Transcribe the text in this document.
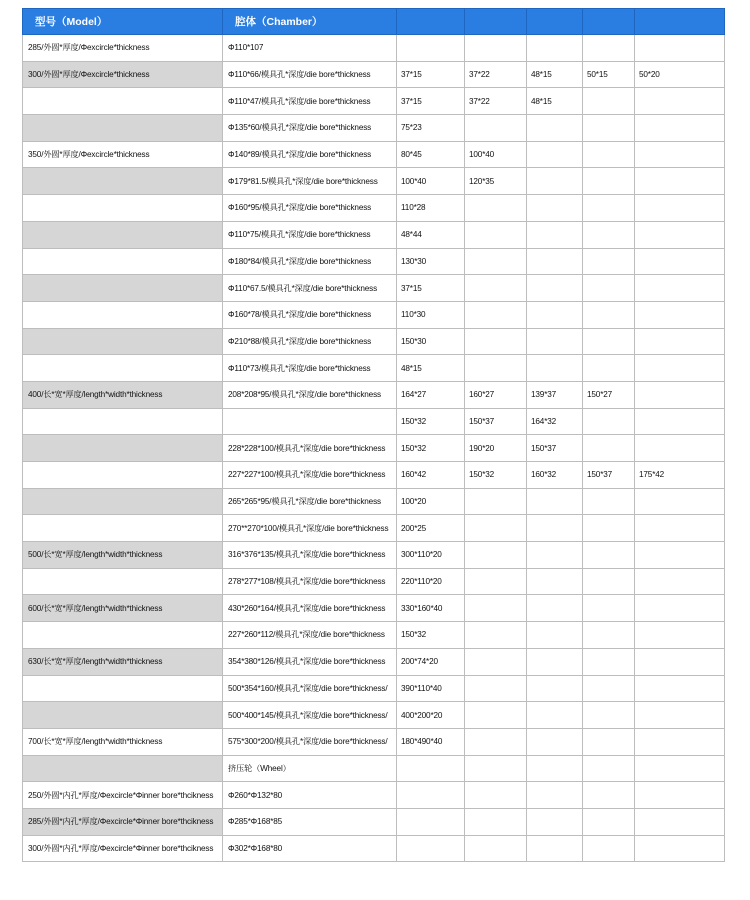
型号（Model）	腔体（Chamber）					
285/外圆*厚度/Φexcircle*thickness	Φ110*107					
300/外圆*厚度/Φexcircle*thickness	Φ110*66/模具孔*深度/die bore*thickness	37*15	37*22	48*15	50*15	50*20
	Φ110*47/模具孔*深度/die bore*thickness	37*15	37*22	48*15		
	Φ135*60/模具孔*深度/die bore*thickness	75*23				
350/外圆*厚度/Φexcircle*thickness	Φ140*89/模具孔*深度/die bore*thickness	80*45	100*40			
	Φ179*81.5/模具孔*深度/die bore*thickness	100*40	120*35			
	Φ160*95/模具孔*深度/die bore*thickness	110*28				
	Φ110*75/模具孔*深度/die bore*thickness	48*44				
	Φ180*84/模具孔*深度/die bore*thickness	130*30				
	Φ110*67.5/模具孔*深度/die bore*thickness	37*15				
	Φ160*78/模具孔*深度/die bore*thickness	110*30				
	Φ210*88/模具孔*深度/die bore*thickness	150*30				
	Φ110*73/模具孔*深度/die bore*thickness	48*15				
400/长*宽*厚度/length*width*thickness	208*208*95/模具孔*深度/die bore*thickness	164*27	160*27	139*37	150*27	
		150*32	150*37	164*32		
	228*228*100/模具孔*深度/die bore*thickness	150*32	190*20	150*37		
	227*227*100/模具孔*深度/die bore*thickness	160*42	150*32	160*32	150*37	175*42
	265*265*95/模具孔*深度/die bore*thickness	100*20				
	270**270*100/模具孔*深度/die bore*thickness	200*25				
500/长*宽*厚度/length*width*thickness	316*376*135/模具孔*深度/die bore*thickness	300*110*20				
	278*277*108/模具孔*深度/die bore*thickness	220*110*20				
600/长*宽*厚度/length*width*thickness	430*260*164/模具孔*深度/die bore*thickness	330*160*40				
	227*260*112/模具孔*深度/die bore*thickness	150*32				
630/长*宽*厚度/length*width*thickness	354*380*126/模具孔*深度/die bore*thickness	200*74*20				
	500*354*160/模具孔*深度/die bore*thickness/	390*110*40				
	500*400*145/模具孔*深度/die bore*thickness/	400*200*20				
700/长*宽*厚度/length*width*thickness	575*300*200/模具孔*深度/die bore*thickness/	180*490*40				
	挤压轮（Wheel）					
250/外圆*内孔*厚度/Φexcircle*Φinner bore*thcikness	Φ260*Φ132*80					
285/外圆*内孔*厚度/Φexcircle*Φinner bore*thcikness	Φ285*Φ168*85					
300/外圆*内孔*厚度/Φexcircle*Φinner bore*thcikness	Φ302*Φ168*80					
